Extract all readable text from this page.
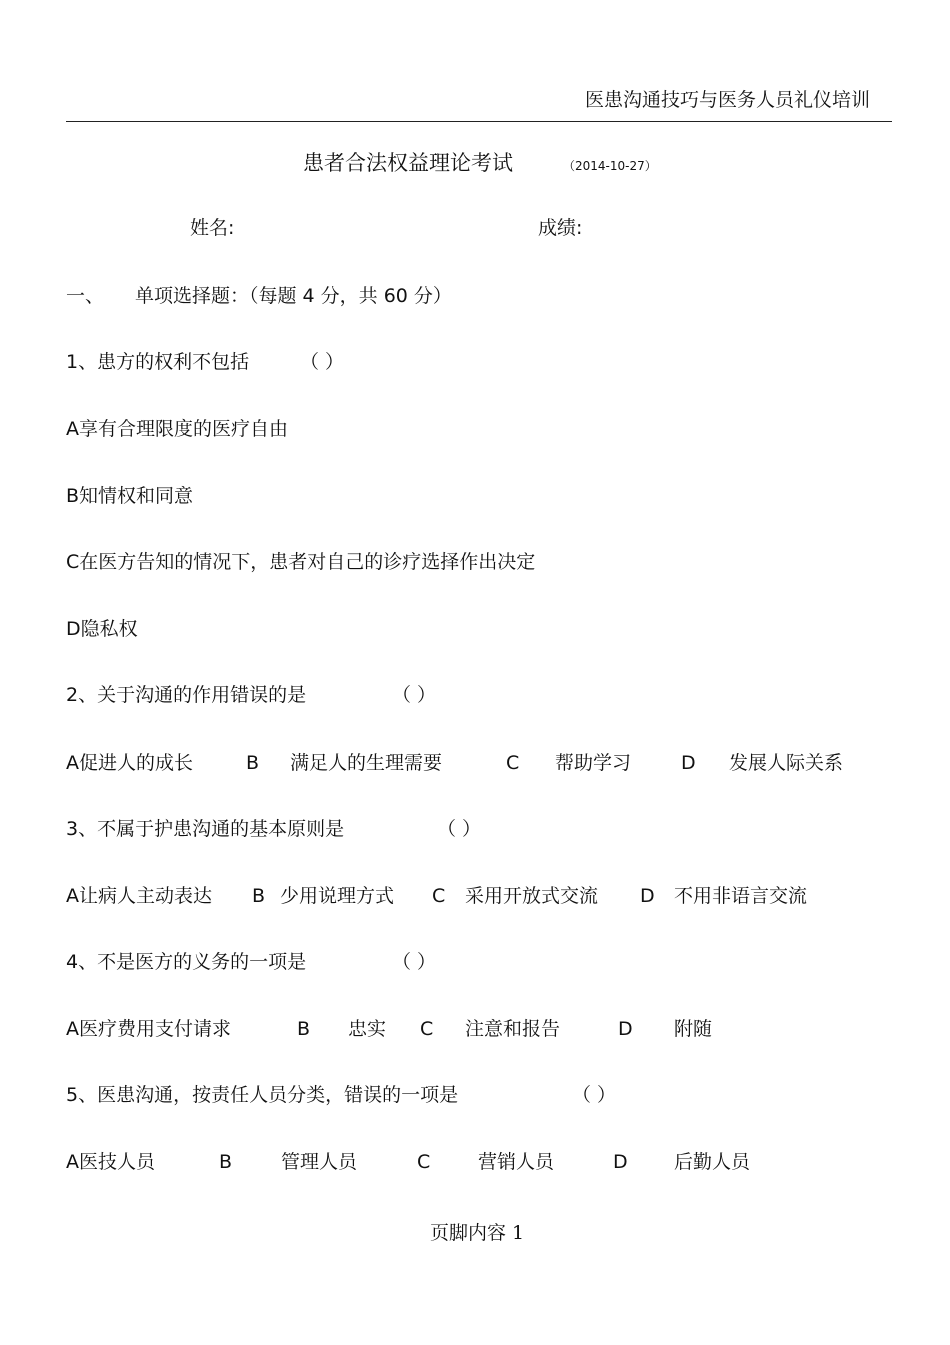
医患沟通技巧与医务人员礼仪培训
患者合法权益理论考试	（2014-10-27）
姓名:	成绩:
一、 单项选择题：（每题 4 分，共 60 分）
1、患方的权利不包括	（ ）
A享有合理限度的医疗自由
B知情权和同意
C在医方告知的情况下，患者对自己的诊疗选择作出决定
D隐私权
2、关于沟通的作用错误的是	（ ）
A促进人的成长	B 满足人的生理需要	C 帮助学习	D 发展人际关系
3、不属于护患沟通的基本原则是	（ ）
A让病人主动表达 B 少用说理方式 C 采用开放式交流 D 不用非语言交流
4、不是医方的义务的一项是	（ ）
A医疗费用支付请求	B 忠实 C 注意和报告	D 附随
5、医患沟通，按责任人员分类，错误的一项是	（ ）
A医技人员	B	管理人员	C	营销人员	D 后勤人员
页脚内容 1
